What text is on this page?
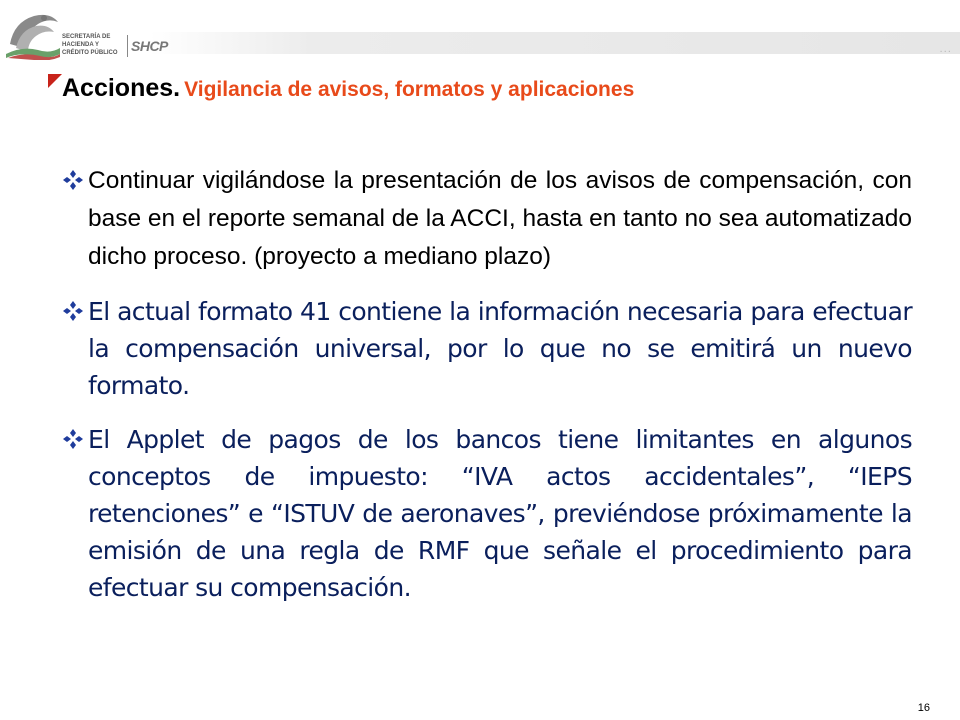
...
SECRETARÍA DE
HACIENDA Y
CRÉDITO PÚBLICO SHCP
Acciones. Vigilancia de avisos, formatos y aplicaciones
Continuar vigilándose la presentación de los avisos de compensación, con base en el reporte semanal de la ACCI, hasta en tanto no sea automatizado dicho proceso. (proyecto a mediano plazo)
El actual formato 41 contiene la información necesaria para efectuar la compensación universal, por lo que no se emitirá un nuevo formato.
El Applet de pagos de los bancos tiene limitantes en algunos conceptos de impuesto: “IVA actos accidentales”, “IEPS retenciones” e “ISTUV de aeronaves”, previéndose próximamente la emisión de una regla de RMF que señale el procedimiento para efectuar su compensación.
16
